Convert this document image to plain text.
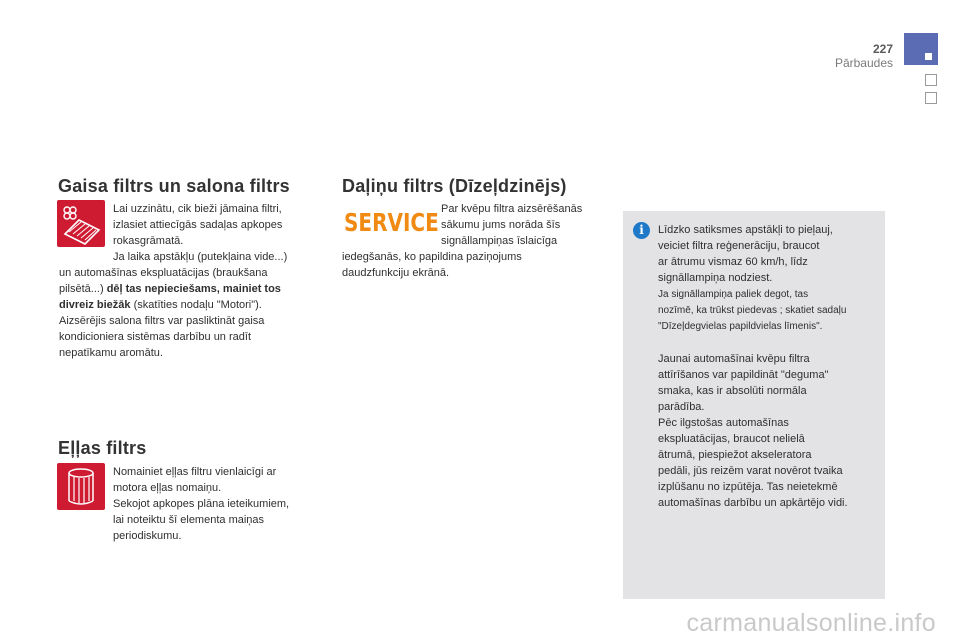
227
Pārbaudes
Gaisa filtrs un salona filtrs

Lai uzzinātu, cik bieži jāmaina filtri,

izlasiet attiecīgās sadaļas apkopes

rokasgrāmatā.

Ja laika apstākļu (putekļaina vide...)

un automašīnas ekspluatācijas (braukšana

pilsētā...) dēļ tas nepieciešams, mainiet tos

divreiz biežāk (skatīties nodaļu "Motori").

Aizsērējis salona filtrs var pasliktināt gaisa

kondicioniera sistēmas darbību un radīt

nepatīkamu aromātu.

Eļļas filtrs

Nomainiet eļļas filtru vienlaicīgi ar

motora eļļas nomaiņu.

Sekojot apkopes plāna ieteikumiem,

lai noteiktu šī elementa maiņas

periodiskumu.

Daļiņu filtrs (Dīzeļdzinējs)
SERVICE Par kvēpu filtra aizsērēšanās

sākumu jums norāda šīs

signāllampiņas īslaicīga

iedegšanās, ko papildina paziņojums

daudzfunkciju ekrānā.

i	Līdzko satiksmes apstākļi to pieļauj,

veiciet filtra reģenerāciju, braucot

ar ātrumu vismaz 60 km/h, līdz

signāllampiņa nodziest.

Ja signāllampiņa paliek degot, tas

nozīmē, ka trūkst piedevas ; skatiet sadaļu

"Dīzeļdegvielas papildvielas līmenis".

Jaunai automašīnai kvēpu filtra

attīrīšanos var papildināt "deguma"

smaka, kas ir absolūti normāla

parādība.

Pēc ilgstošas automašīnas

ekspluatācijas, braucot nelielā

ātrumā, piespiežot akseleratora

pedāli, jūs reizēm varat novērot tvaika

izplūšanu no izpūtēja. Tas neietekmē

automašīnas darbību un apkārtējo vidi.

carmanualsonline.info
